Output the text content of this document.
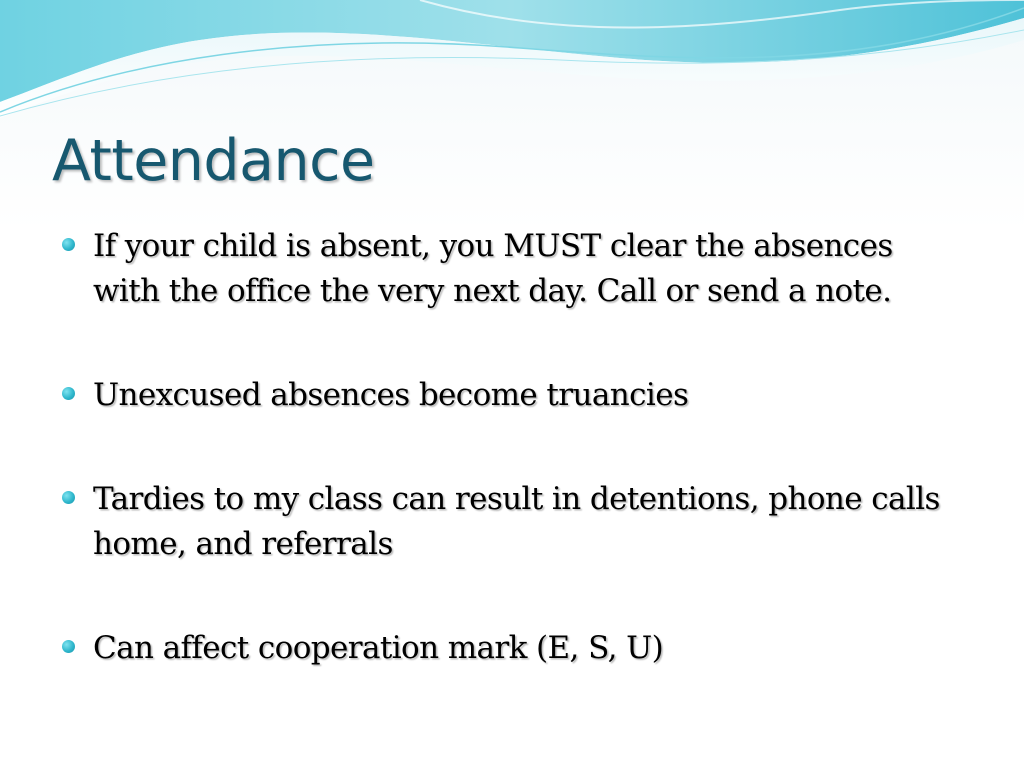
Attendance
If your child is absent, you MUST clear the absences with the office the very next day. Call or send a note.
Unexcused absences become truancies
Tardies to my class can result in detentions, phone calls home, and referrals
Can affect cooperation mark (E, S, U)
